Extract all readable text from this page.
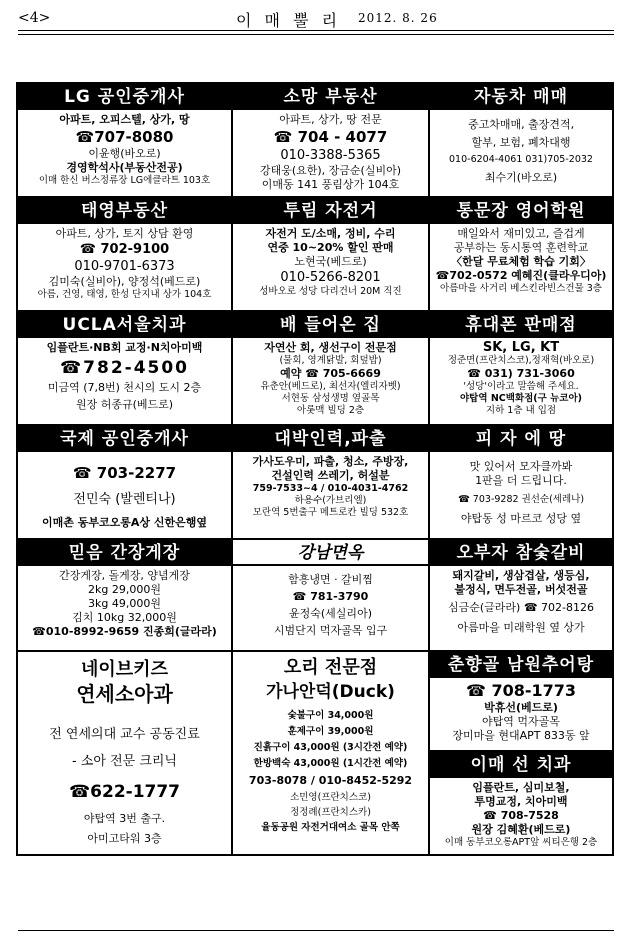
<4>	이 매 뿔 리 2012. 8. 26
LG 공인중개사
아파트, 오피스텔, 상가, 땅
☎707-8080
이윤행(바오로)
경영학석사(부동산전공)
이매 한신 버스정류장 LG에클라트 103호
소망 부동산
아파트, 상가, 땅 전문
☎ 704 - 4077
010-3388-5365
강태웅(요한), 장금순(실비아)
이매동 141 풍림상가 104호
자동차 매매
중고차매매, 출장견적,
할부, 보험, 폐차대행
010-6204-4061 031)705-2032
최수기(바오로)
태영부동산
아파트, 상가, 토지 상담 환영
☎ 702-9100
010-9701-6373
김미숙(실비아), 양정석(베드로)
아름, 건영, 태영, 한성 단지내 상가 104호
투림 자전거
자전거 도/소매, 정비, 수리
연중 10~20% 할인 판매
노현국(베드로)
010-5266-8201
성바오로 성당 다리건너 20M 직진
통문장 영어학원
매일와서 재미있고, 즐겁게
공부하는 동시통역 훈련학교
〈한달 무료체험 학습 기회〉
☎702-0572 예혜진(클라우디아)
아름마을 사거리 베스킨라빈스건물 3층
UCLA서울치과
임플란트·NB회 교정·N치아미백
☎782-4500
미금역 (7,8번) 천시의 도시 2층
원장 허종규(베드로)
배 들어온 집
자연산 회, 생선구이 전문점
(물회, 영계닭발, 회덮밥)
예약 ☎ 705-6669
유춘안(베드로), 최선자(엘리자벳)
서현동 삼성생명 옆골목
아롯맥 빌딩 2층
휴대폰 판매점
SK, LG, KT
정준면(프란치스코),정재혁(바오로)
☎ 031) 731-3060
'성당'이라고 말씀해 주세요.
야탑역 NC백화점(구 뉴코아)
지하 1층 내 입점
국제 공인중개사
☎ 703-2277
전민숙 (발렌티나)
이매촌 동부코오롱A상 신한은행옆
대박인력,파출
가사도우미, 파출, 청소, 주방장,
건설인력 쓰레기, 허설분
759-7533~4 / 010-4031-4762
하용수(가브리엘)
모란역 5번출구 메트로칸 빌딩 532호
피 자 에 땅
맛 있어서 모자클까봐
1판을 더 드립니다.
☎ 703-9282 권선순(세레나)
야탑동 성 마르코 성당 옆
믿음 간장게장
간장게장, 돌게장, 양념게장
2kg 29,000원
3kg 49,000원
김치 10kg 32,000원
☎010-8992-9659 진종희(글라라)
강남면옥
함흥냉면 · 갈비찜
☎ 781-3790
윤정숙(세실리아)
시범단지 먹자골목 입구
오부자 참숯갈비
돼지갈비, 생삼겹살, 생등심,
불정식, 면두전골, 버섯전골
심금순(글라라) ☎ 702-8126
아름마을 미래학원 옆 상가
네이브키즈
연세소아과
전 연세의대 교수 공동진료
- 소아 전문 크리닉
☎622-1777
야탑역 3번 출구.
아미고타워 3층
오리 전문점
가나안덕(Duck)
숯불구이 34,000원
훈제구이 39,000원
진흙구이 43,000원 (3시간전 예약)
한방백숙 43,000원 (1시간전 예약)
703-8078 / 010-8452-5292
소민영(프란치스코)
정정례(프란치스카)
율동공원 자전거대여소 골목 안쪽
춘향골 남원추어탕
☎ 708-1773
박휴선(베드로)
야탑역 먹자골목
장미마을 현대APT 833동 앞
이매 선 치과
임플란트, 심미보철,
투명교정, 치아미백
☎ 708-7528
원장 김혜환(베드로)
이매 동부코오롱APT앞 씨티은행 2층
